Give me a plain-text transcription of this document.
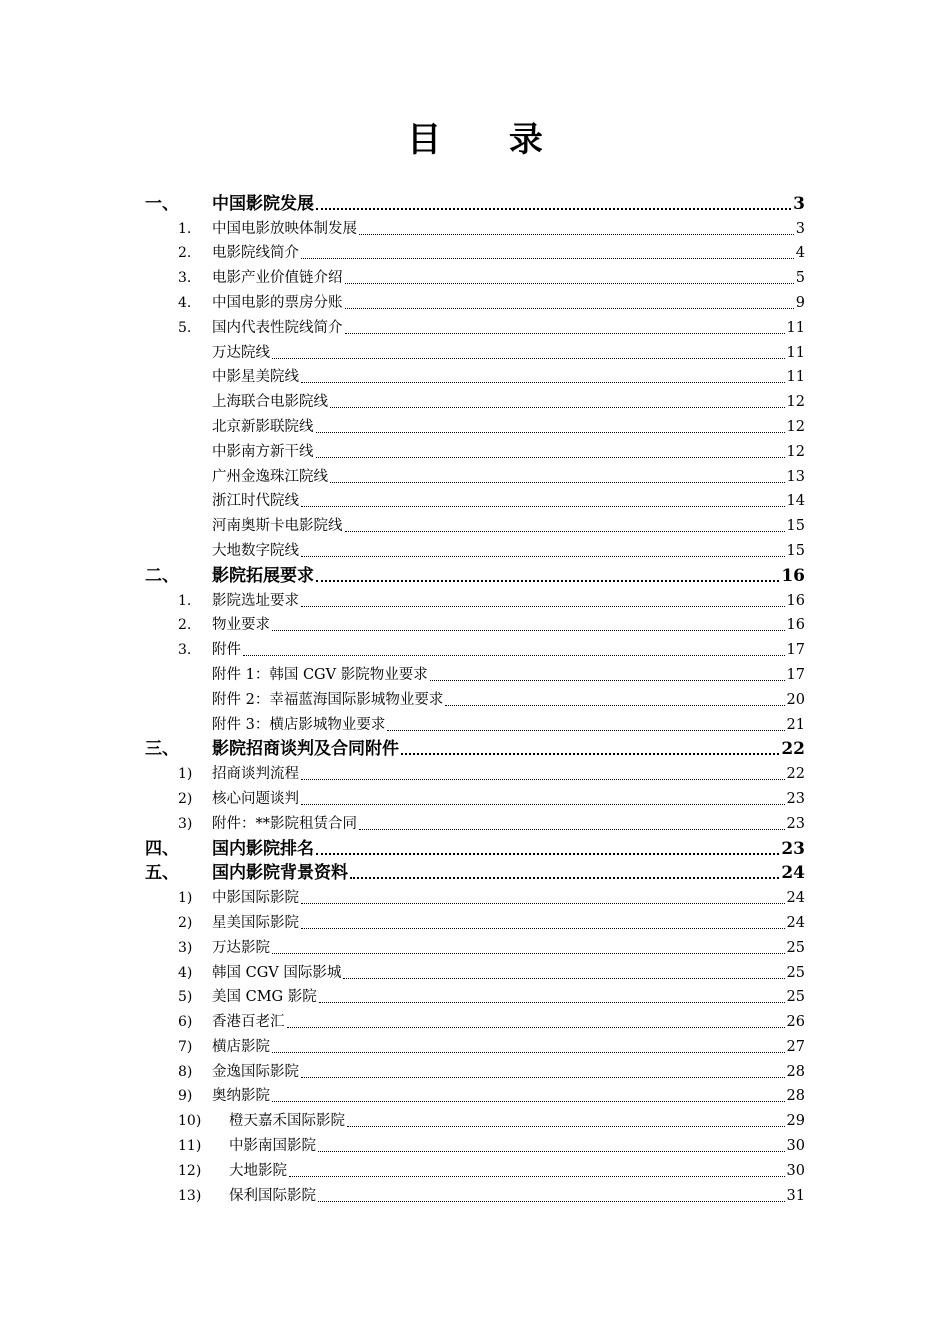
目 录
一、 中国影院发展	3
1. 中国电影放映体制发展	3
2. 电影院线简介	4
3. 电影产业价值链介绍	5
4. 中国电影的票房分账	9
5. 国内代表性院线简介	11
万达院线	11
中影星美院线	11
上海联合电影院线	12
北京新影联院线	12
中影南方新干线	12
广州金逸珠江院线	13
浙江时代院线	14
河南奥斯卡电影院线	15
大地数字院线	15
二、 影院拓展要求	16
1. 影院选址要求	16
2. 物业要求	16
3. 附件	17
附件 1：韩国 CGV 影院物业要求	17
附件 2：幸福蓝海国际影城物业要求	20
附件 3：横店影城物业要求	21
三、 影院招商谈判及合同附件	22
1) 招商谈判流程	22
2) 核心问题谈判	23
3) 附件：**影院租赁合同	23
四、 国内影院排名	23
五、 国内影院背景资料	24
1) 中影国际影院	24
2) 星美国际影院	24
3) 万达影院	25
4) 韩国 CGV 国际影城	25
5) 美国 CMG 影院	25
6) 香港百老汇	26
7) 横店影院	27
8) 金逸国际影院	28
9) 奥纳影院	28
10) 橙天嘉禾国际影院	29
11) 中影南国影院	30
12) 大地影院	30
13) 保利国际影院	31
